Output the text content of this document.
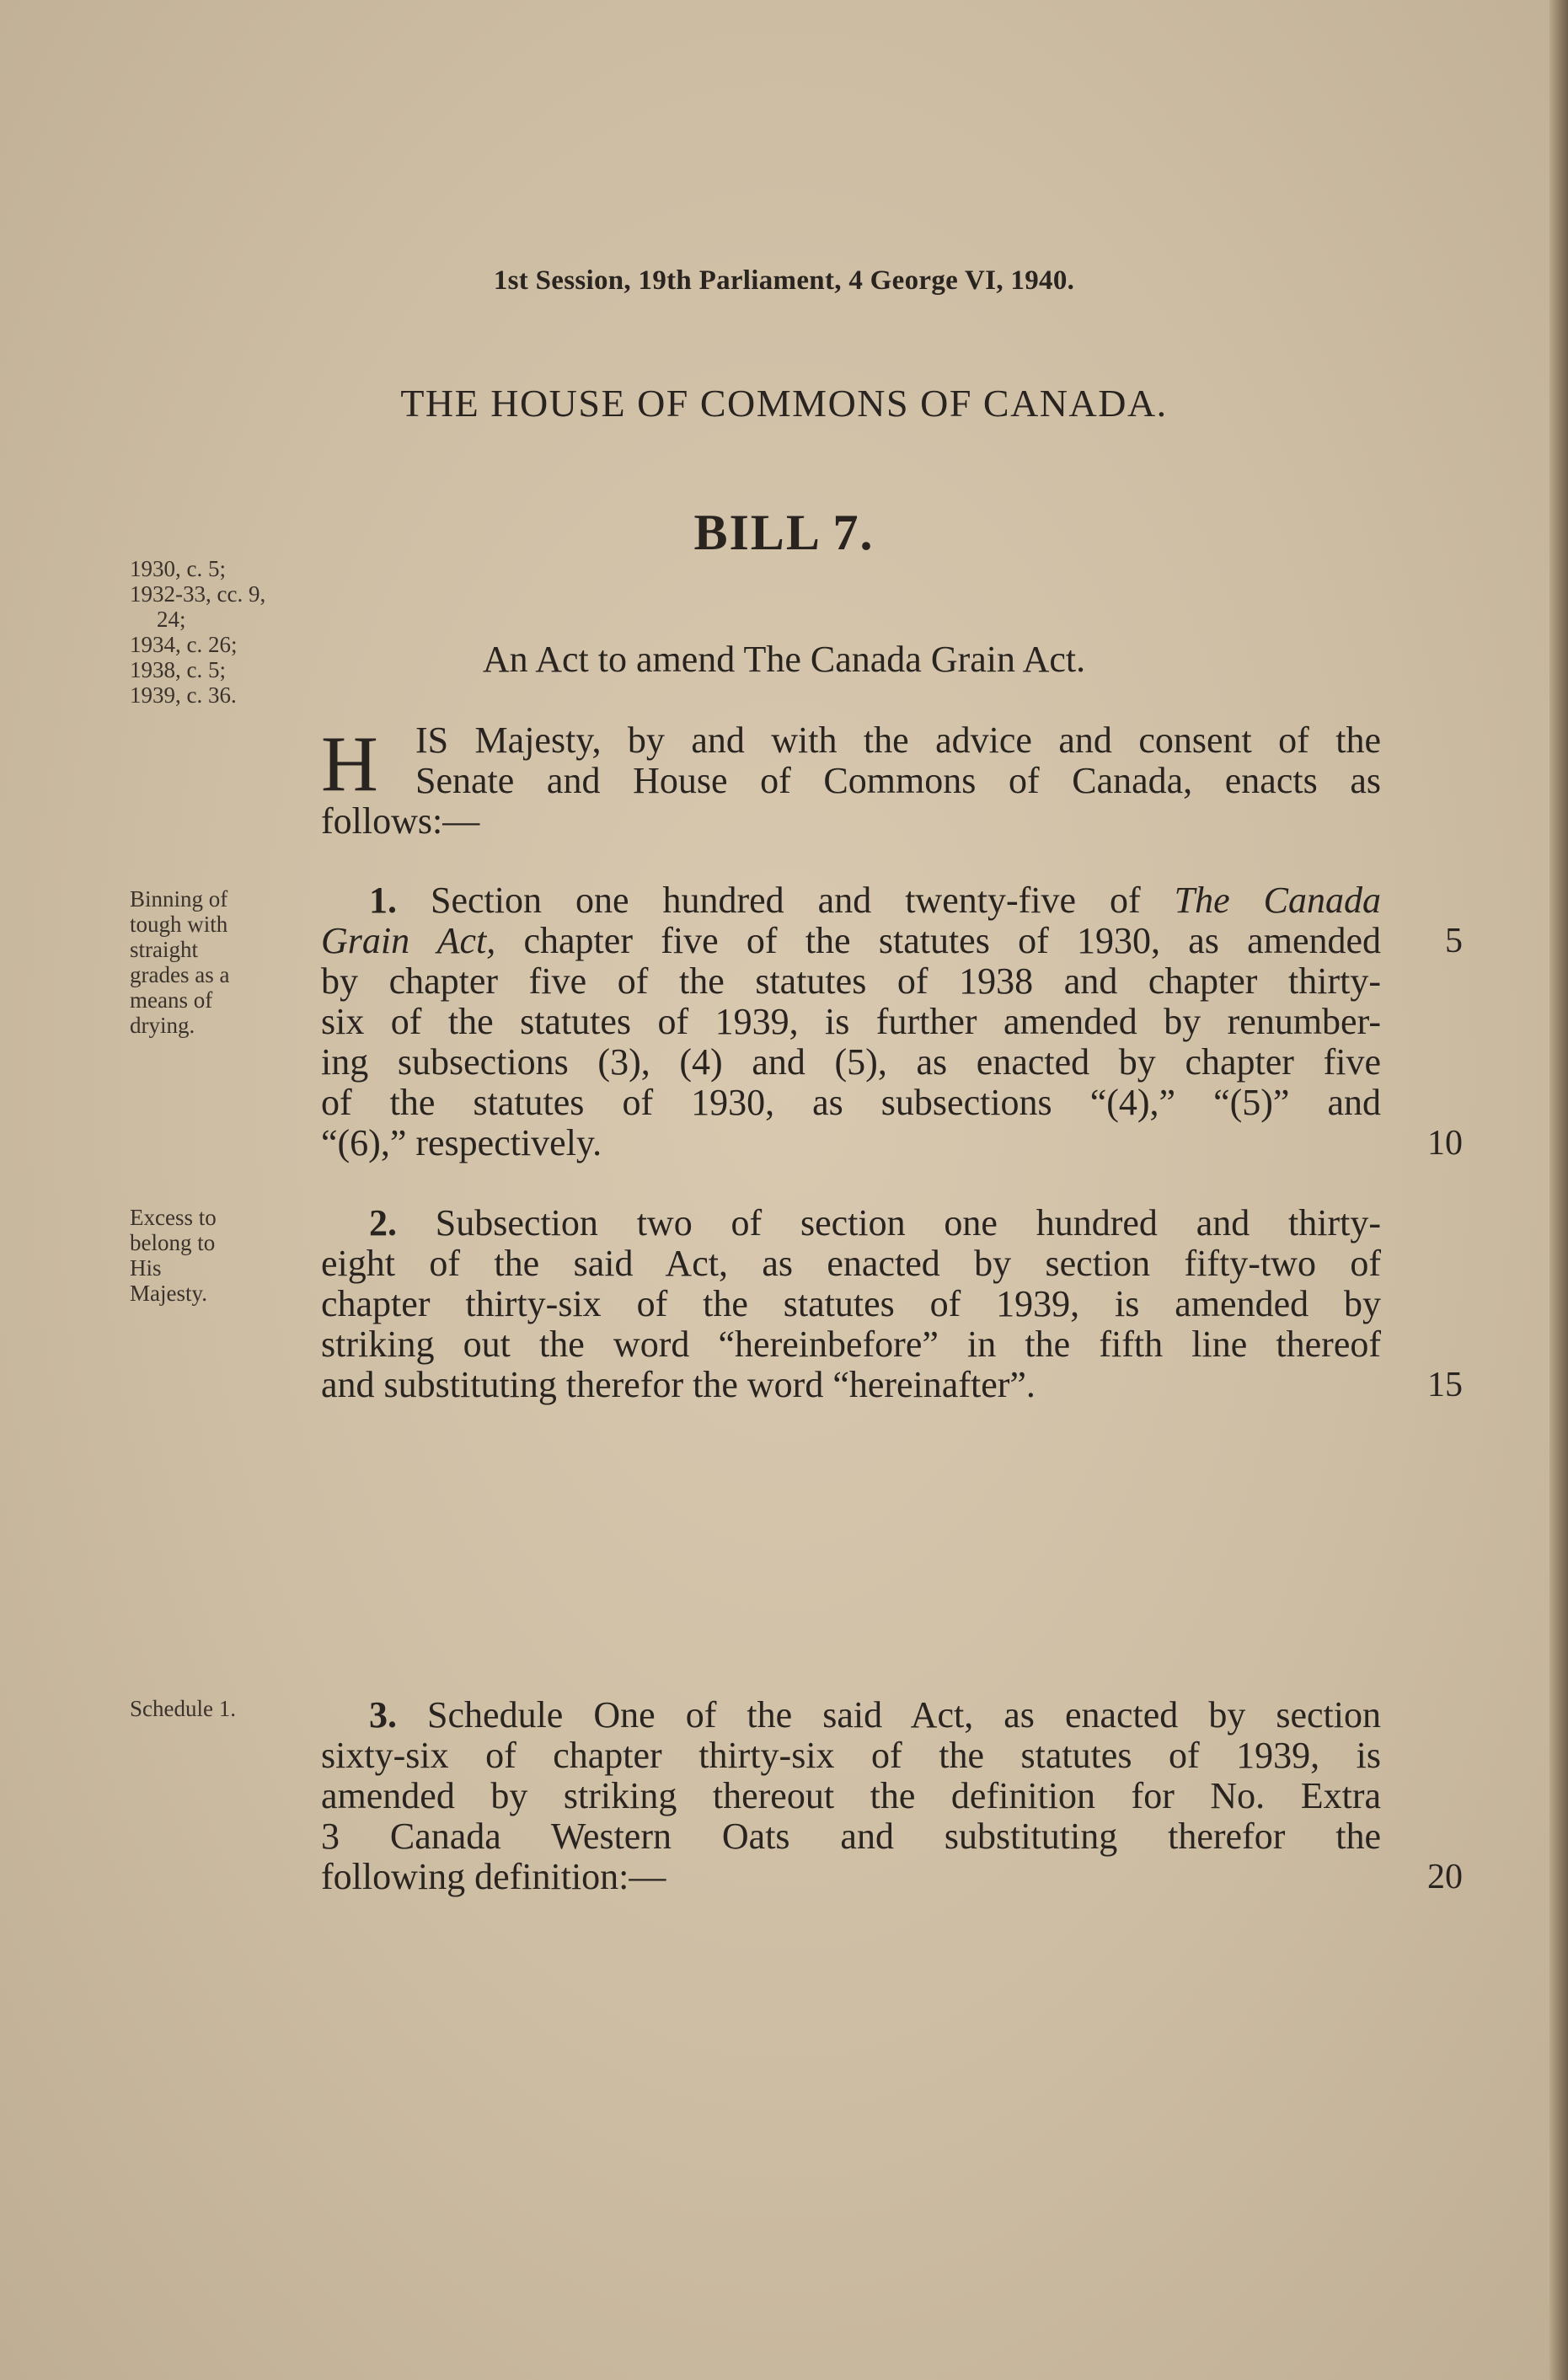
1st Session, 19th Parliament, 4 George VI, 1940.

THE HOUSE OF COMMONS OF CANADA.

BILL 7.

1930, c. 5;
1932-33, cc. 9,
24;
1934, c. 26;
1938, c. 5;
1939, c. 36.

An Act to amend The Canada Grain Act.

H IS Majesty, by and with the advice and consent of the

Senate and House of Commons of Canada, enacts as

follows:—

Binning of
tough with
straight
grades as a
means of
drying.

1. Section one hundred and twenty-five of The Canada

Grain Act, chapter five of the statutes of 1930, as amended	5

by chapter five of the statutes of 1938 and chapter thirty-

six of the statutes of 1939, is further amended by renumber-

ing subsections (3), (4) and (5), as enacted by chapter five

of the statutes of 1930, as subsections “(4),” “(5)” and

“(6),” respectively.	10
Excess to
belong to
His
Majesty.

2. Subsection two of section one hundred and thirty-

eight of the said Act, as enacted by section fifty-two of

chapter thirty-six of the statutes of 1939, is amended by

striking out the word “hereinbefore” in the fifth line thereof

and substituting therefor the word “hereinafter”.	15
Schedule 1.	3. Schedule One of the said Act, as enacted by section

sixty-six of chapter thirty-six of the statutes of 1939, is

amended by striking thereout the definition for No. Extra

3 Canada Western Oats and substituting therefor the

following definition:—	20
